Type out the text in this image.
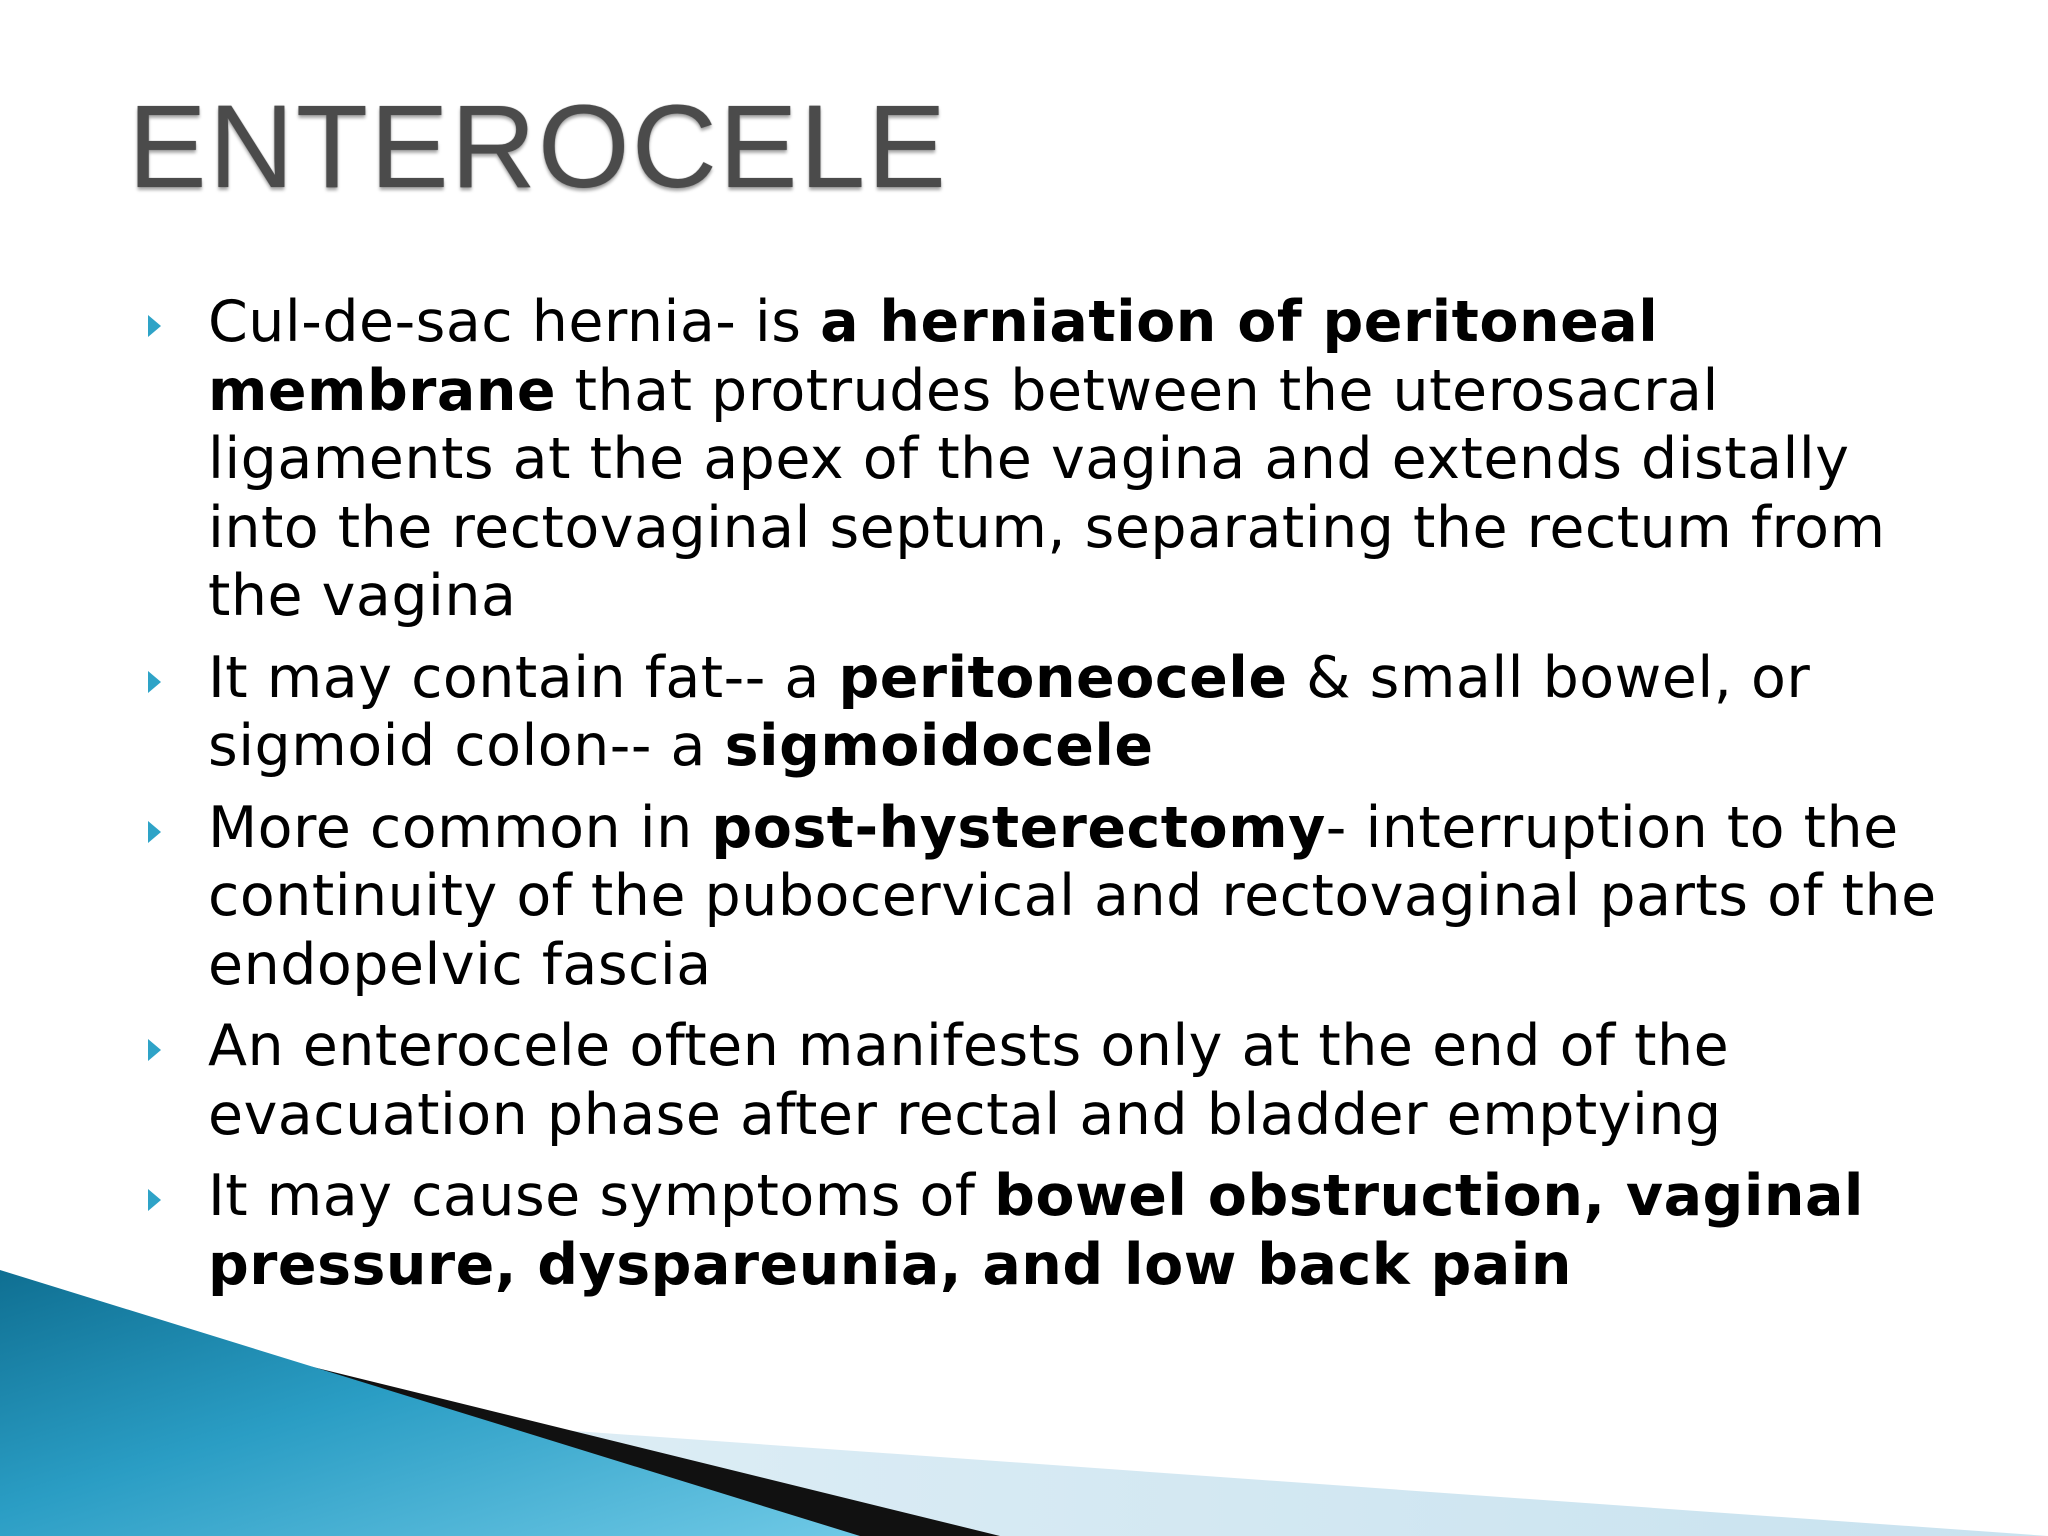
ENTEROCELE
Cul-de-sac hernia- is a herniation of peritoneal membrane that protrudes between the uterosacral ligaments at the apex of the vagina and extends distally into the rectovaginal septum, separating the rectum from the vagina
It may contain fat-- a peritoneocele & small bowel, or sigmoid colon-- a sigmoidocele
More common in post-hysterectomy- interruption to the continuity of the pubocervical and rectovaginal parts of the endopelvic fascia
An enterocele often manifests only at the end of the evacuation phase after rectal and bladder emptying
It may cause symptoms of bowel obstruction, vaginal pressure, dyspareunia, and low back pain
